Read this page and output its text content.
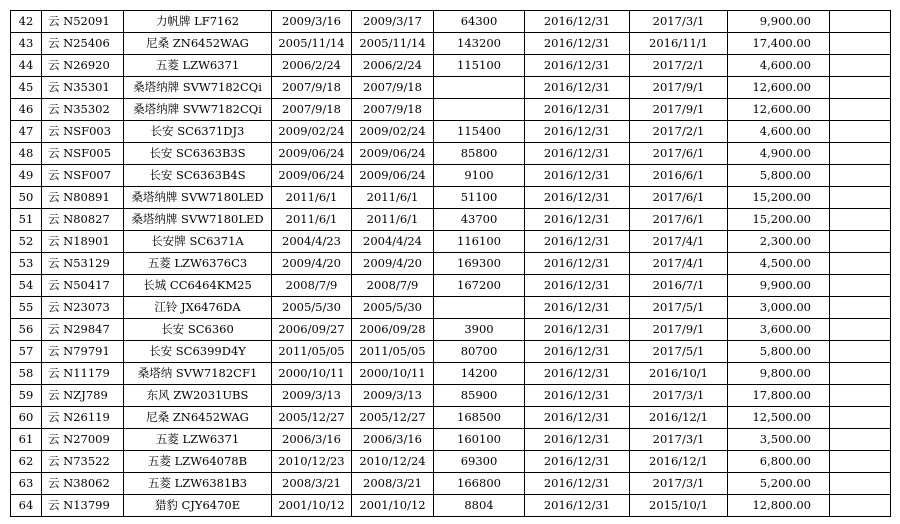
42	云 N52091	力帆牌 LF7162	2009/3/16	2009/3/17	64300	2016/12/31	2017/3/1	9,900.00	
43	云 N25406	尼桑 ZN6452WAG	2005/11/14	2005/11/14	143200	2016/12/31	2016/11/1	17,400.00	
44	云 N26920	五菱 LZW6371	2006/2/24	2006/2/24	115100	2016/12/31	2017/2/1	4,600.00	
45	云 N35301	桑塔纳牌 SVW7182CQi	2007/9/18	2007/9/18		2016/12/31	2017/9/1	12,600.00	
46	云 N35302	桑塔纳牌 SVW7182CQi	2007/9/18	2007/9/18		2016/12/31	2017/9/1	12,600.00	
47	云 NSF003	长安 SC6371DJ3	2009/02/24	2009/02/24	115400	2016/12/31	2017/2/1	4,600.00	
48	云 NSF005	长安 SC6363B3S	2009/06/24	2009/06/24	85800	2016/12/31	2017/6/1	4,900.00	
49	云 NSF007	长安 SC6363B4S	2009/06/24	2009/06/24	9100	2016/12/31	2016/6/1	5,800.00	
50	云 N80891	桑塔纳牌 SVW7180LED	2011/6/1	2011/6/1	51100	2016/12/31	2017/6/1	15,200.00	
51	云 N80827	桑塔纳牌 SVW7180LED	2011/6/1	2011/6/1	43700	2016/12/31	2017/6/1	15,200.00	
52	云 N18901	长安牌 SC6371A	2004/4/23	2004/4/24	116100	2016/12/31	2017/4/1	2,300.00	
53	云 N53129	五菱 LZW6376C3	2009/4/20	2009/4/20	169300	2016/12/31	2017/4/1	4,500.00	
54	云 N50417	长城 CC6464KM25	2008/7/9	2008/7/9	167200	2016/12/31	2016/7/1	9,900.00	
55	云 N23073	江铃 JX6476DA	2005/5/30	2005/5/30		2016/12/31	2017/5/1	3,000.00	
56	云 N29847	长安 SC6360	2006/09/27	2006/09/28	3900	2016/12/31	2017/9/1	3,600.00	
57	云 N79791	长安 SC6399D4Y	2011/05/05	2011/05/05	80700	2016/12/31	2017/5/1	5,800.00	
58	云 N11179	桑塔纳 SVW7182CF1	2000/10/11	2000/10/11	14200	2016/12/31	2016/10/1	9,800.00	
59	云 NZJ789	东风 ZW2031UBS	2009/3/13	2009/3/13	85900	2016/12/31	2017/3/1	17,800.00	
60	云 N26119	尼桑 ZN6452WAG	2005/12/27	2005/12/27	168500	2016/12/31	2016/12/1	12,500.00	
61	云 N27009	五菱 LZW6371	2006/3/16	2006/3/16	160100	2016/12/31	2017/3/1	3,500.00	
62	云 N73522	五菱 LZW64078B	2010/12/23	2010/12/24	69300	2016/12/31	2016/12/1	6,800.00	
63	云 N38062	五菱 LZW6381B3	2008/3/21	2008/3/21	166800	2016/12/31	2017/3/1	5,200.00	
64	云 N13799	猎豹 CJY6470E	2001/10/12	2001/10/12	8804	2016/12/31	2015/10/1	12,800.00	
